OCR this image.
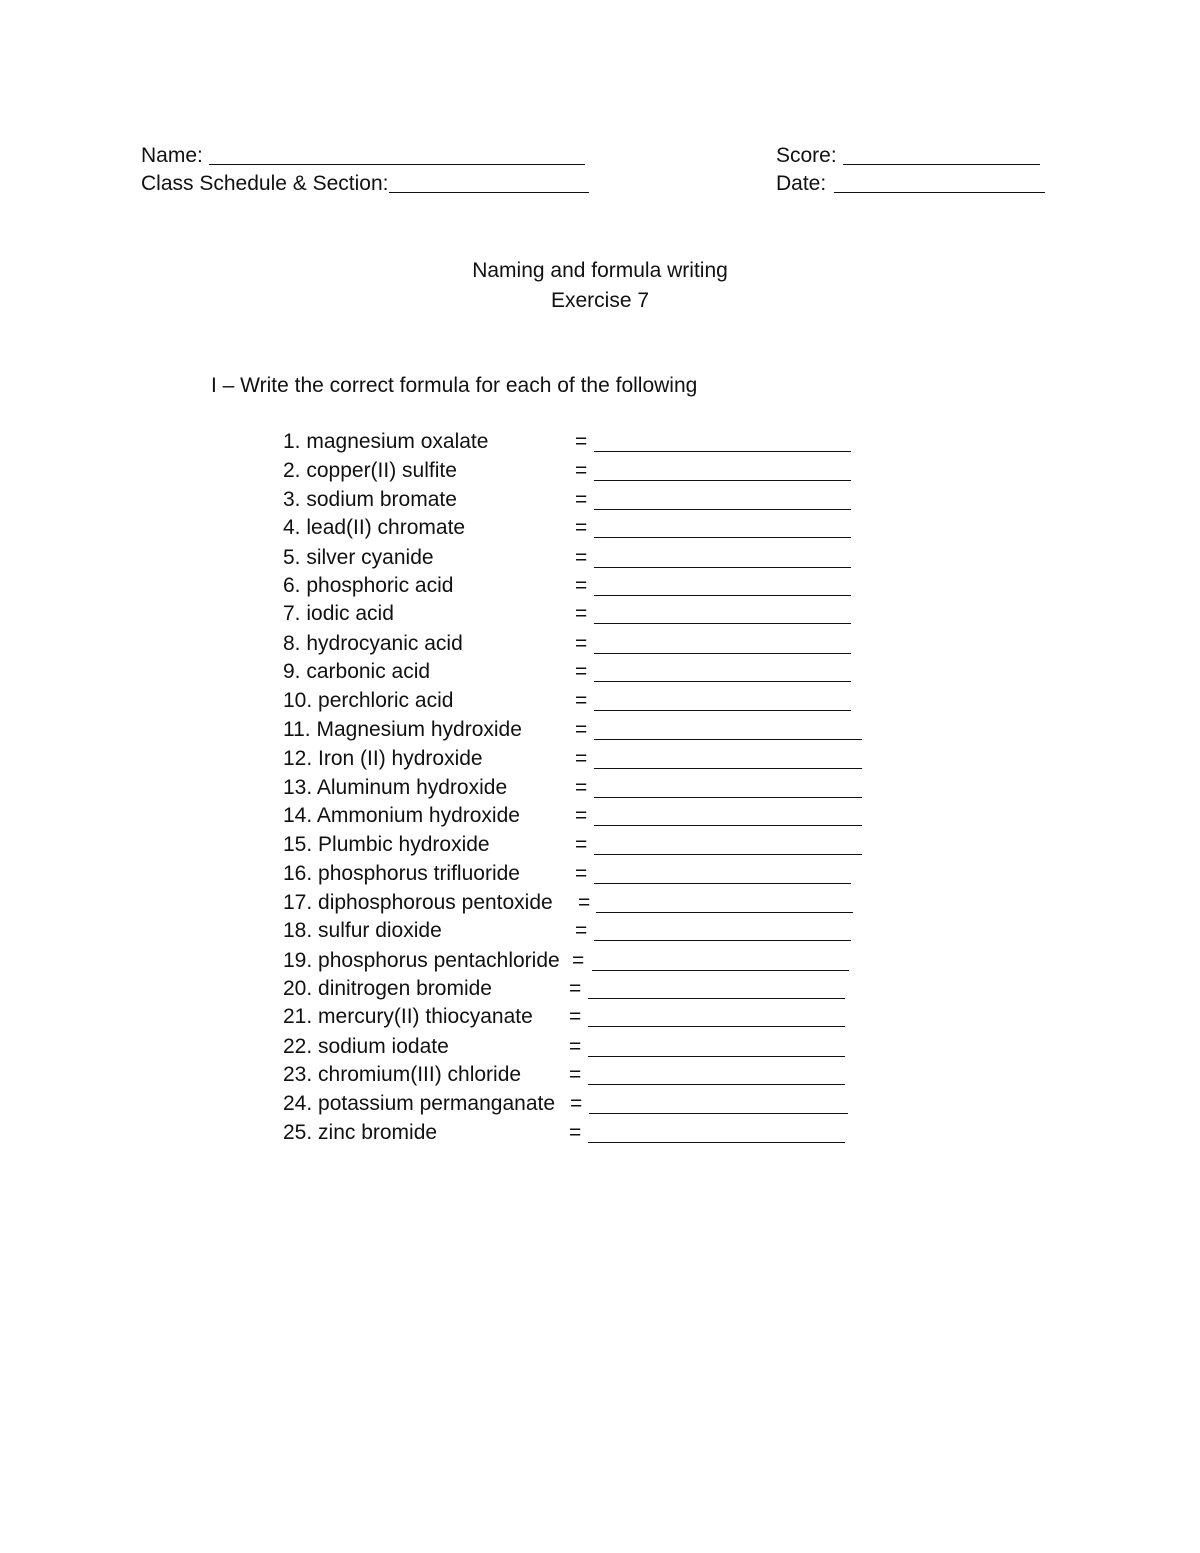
Name:
Class Schedule & Section:
Score:
Date:
Naming and formula writing
Exercise 7
I – Write the correct formula for each of the following
1. magnesium oxalate	=
2. copper(II) sulfite	=
3. sodium bromate	=
4. lead(II) chromate	=
5. silver cyanide	=
6. phosphoric acid	=
7. iodic acid	=
8. hydrocyanic acid	=
9. carbonic acid	=
10. perchloric acid	=
11. Magnesium hydroxide	=
12. Iron (II) hydroxide	=
13. Aluminum hydroxide	=
14. Ammonium hydroxide	=
15. Plumbic hydroxide	=
16. phosphorus trifluoride	=
17. diphosphorous pentoxide =
18. sulfur dioxide	=
19. phosphorus pentachloride =
20. dinitrogen bromide	=
21. mercury(II) thiocyanate =
22. sodium iodate	=
23. chromium(III) chloride =
24. potassium permanganate =
25. zinc bromide	=
